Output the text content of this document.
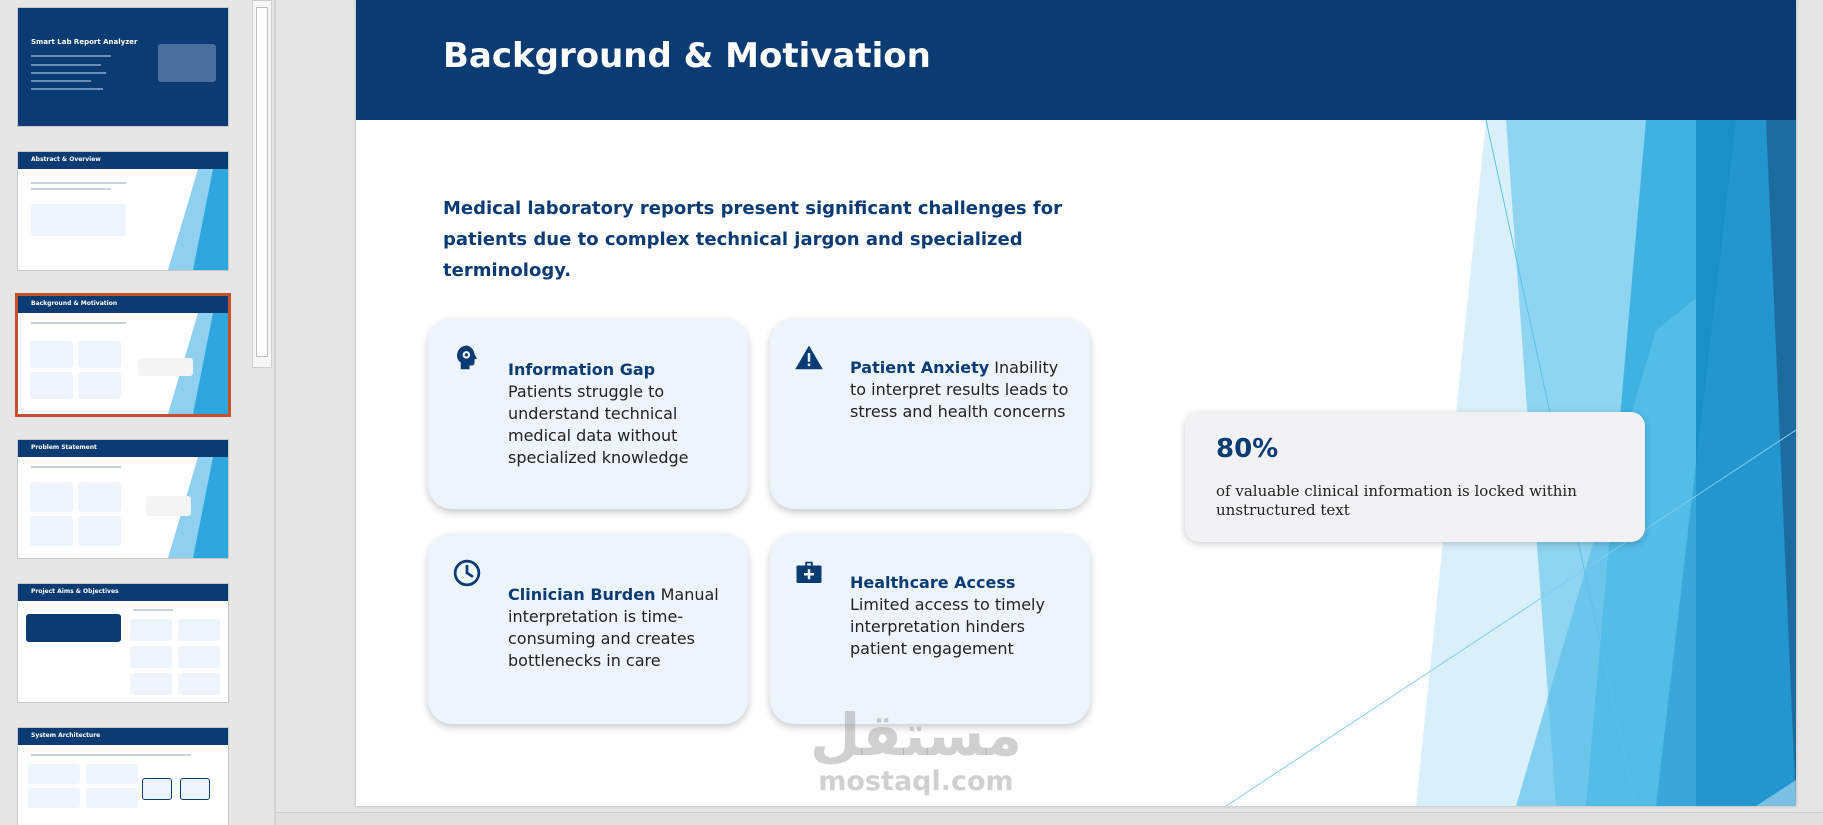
Smart Lab Report Analyzer
Abstract & Overview
Background & Motivation
Problem Statement
Project Aims & Objectives
System Architecture
Background & Motivation

Medical laboratory reports present significant challenges for patients due to complex technical jargon and specialized terminology.

Information Gap
Patients struggle to understand technical medical data without specialized knowledge
Patient Anxiety Inability to interpret results leads to stress and health concerns
Clinician Burden Manual interpretation is time-consuming and creates bottlenecks in care
Healthcare Access
Limited access to timely interpretation hinders patient engagement
80%
of valuable clinical information is locked within unstructured text
مستقل
mostaql.com
